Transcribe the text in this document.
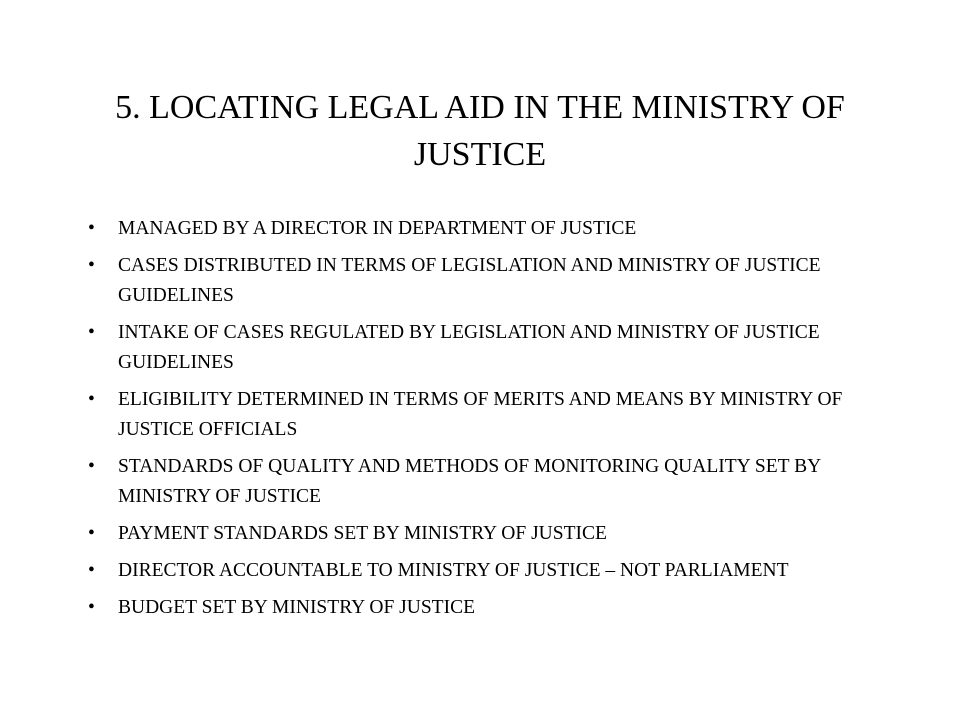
5. LOCATING LEGAL AID IN THE MINISTRY OF JUSTICE
•	MANAGED BY A DIRECTOR IN DEPARTMENT OF JUSTICE
•	CASES DISTRIBUTED IN TERMS OF LEGISLATION AND MINISTRY OF JUSTICE GUIDELINES
•	INTAKE OF CASES REGULATED BY LEGISLATION AND MINISTRY OF JUSTICE GUIDELINES
•	ELIGIBILITY DETERMINED IN TERMS OF MERITS AND MEANS BY MINISTRY OF JUSTICE OFFICIALS
•	STANDARDS OF QUALITY AND METHODS OF MONITORING QUALITY SET BY MINISTRY OF JUSTICE
•	PAYMENT STANDARDS SET BY MINISTRY OF JUSTICE
•	DIRECTOR ACCOUNTABLE TO MINISTRY OF JUSTICE – NOT PARLIAMENT
•	BUDGET SET BY MINISTRY OF JUSTICE
